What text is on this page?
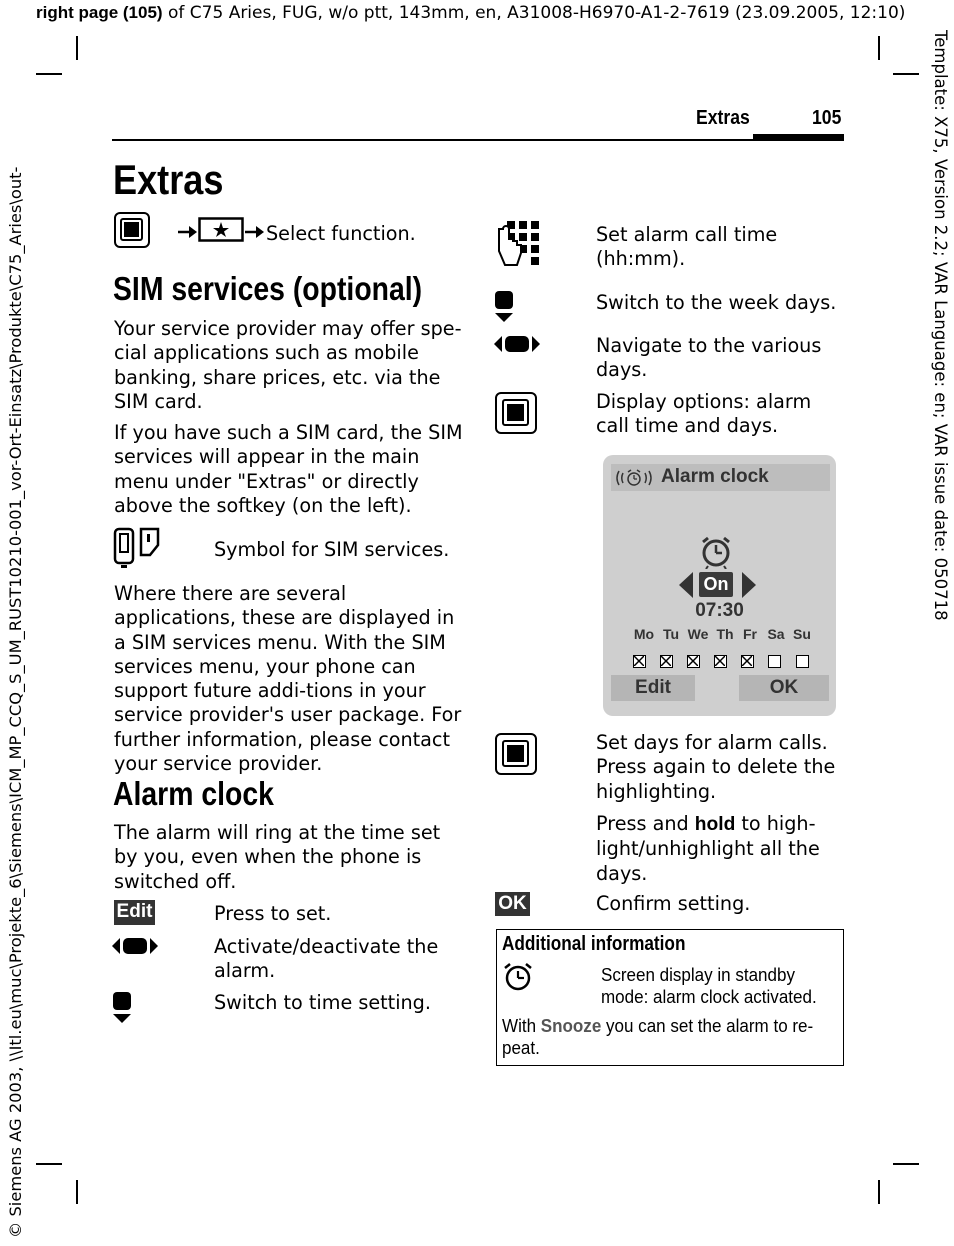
right page (105) of C75 Aries, FUG, w/o ptt, 143mm, en, A31008-H6970-A1-2-7619 (23.09.2005, 12:10)
© Siemens AG 2003, \\Itl.eu\muc\Projekte_6\Siemens\ICM_MP_CCQ_S_UM_RUST10210-001_vor-Ort-Einsatz\Produkte\C75_Aries\out-	Template: X75, Version 2.2; VAR Language: en; VAR issue date: 050718
Extras	105
Extras
Select function.
SIM services (optional)
Your service provider may offer spe-cial applications such as mobile banking, share prices, etc. via the SIM card.
If you have such a SIM card, the SIM services will appear in the main menu under "Extras" or directly above the softkey (on the left).
Symbol for SIM services.
Where there are several applications, these are displayed in a SIM services menu. With the SIM services menu, your phone can support future addi-tions in your service provider's user package. For further information, please contact your service provider.
Alarm clock
The alarm will ring at the time set by you, even when the phone is switched off.
Edit	Press to set.
Activate/deactivate the alarm.
Switch to time setting.
Set alarm call time (hh:mm).
Switch to the week days.
Navigate to the various days.
Display options: alarm call time and days.
Alarm clock
On
07:30
Mo Tu We Th Fr Sa Su
Edit	OK
Set days for alarm calls. Press again to delete the highlighting.
Press and hold to high-light/unhighlight all the days.
OK	Confirm setting.
Additional information
Screen display in standby mode: alarm clock activated.
With Snooze you can set the alarm to re-peat.
